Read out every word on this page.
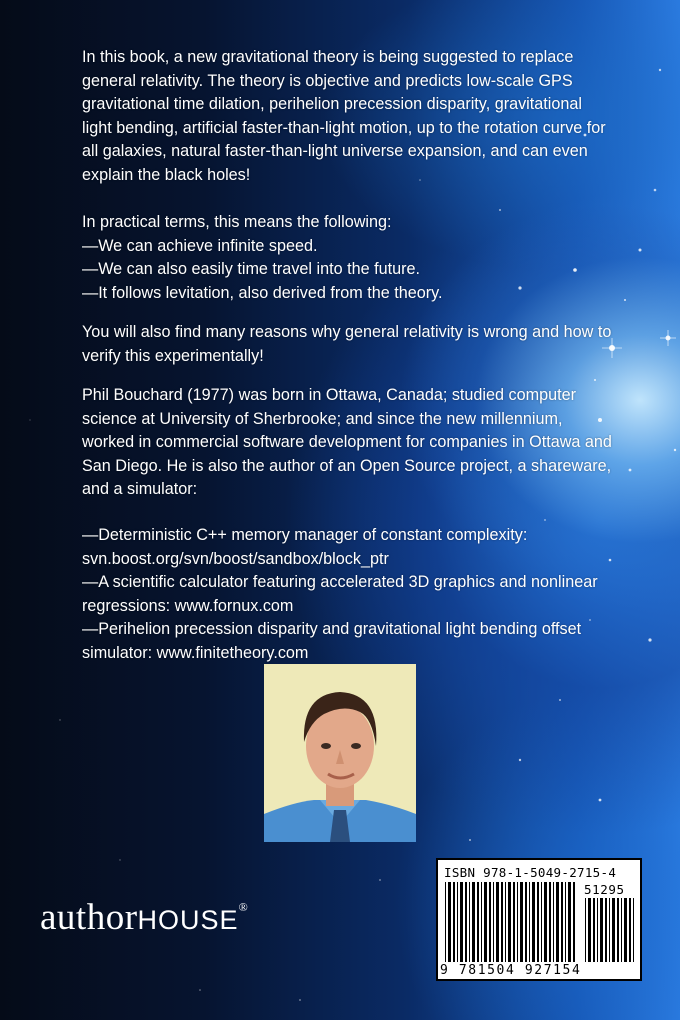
In this book, a new gravitational theory is being suggested to replace general relativity. The theory is objective and predicts low-scale GPS gravitational time dilation, perihelion precession disparity, gravitational light bending, artificial faster-than-light motion, up to the rotation curve for all galaxies, natural faster-than-light universe expansion, and can even explain the black holes!

In practical terms, this means the following:

—We can achieve infinite speed.

—We can also easily time travel into the future.

—It follows levitation, also derived from the theory.

You will also find many reasons why general relativity is wrong and how to verify this experimentally!

Phil Bouchard (1977) was born in Ottawa, Canada; studied computer science at University of Sherbrooke; and since the new millennium, worked in commercial software development for companies in Ottawa and San Diego. He is also the author of an Open Source project, a shareware, and a simulator:

—Deterministic C++ memory manager of constant complexity: svn.boost.org/svn/boost/sandbox/block_ptr

—A scientific calculator featuring accelerated 3D graphics and nonlinear regressions: www.fornux.com

—Perihelion precession disparity and gravitational light bending offset simulator: www.finitetheory.com

authorHOUSE®
ISBN 978-1-5049-2715-4
51295
9 781504 927154
